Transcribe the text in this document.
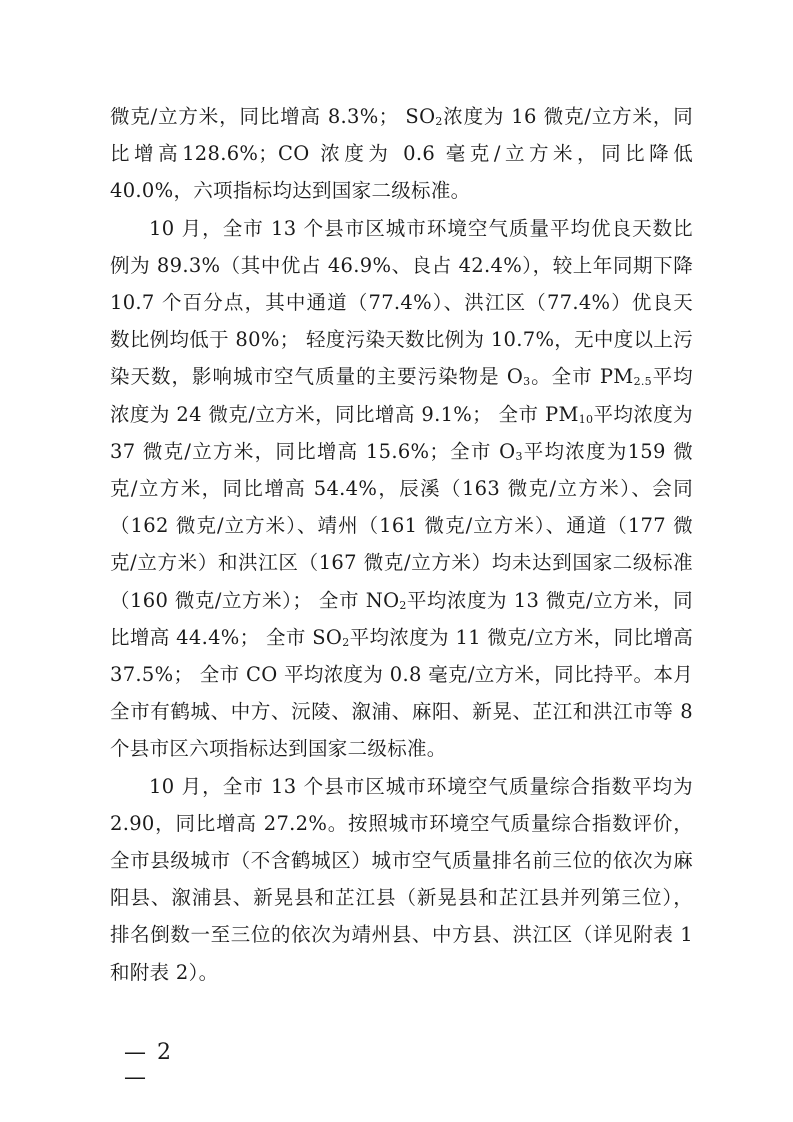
微克/立方米，同比增高 8.3%； $SO_2$浓度为 16 微克/立方米，同比增高128.6%；CO 浓度为 0.6 毫克/立方米，同比降低 40.0%，六项指标均达到国家二级标准。

10 月，全市 13 个县市区城市环境空气质量平均优良天数比例为 89.3%（其中优占 46.9%、良占 42.4%），较上年同期下降 10.7 个百分点，其中通道（77.4%）、洪江区（77.4%）优良天数比例均低于 80%； 轻度污染天数比例为 10.7%，无中度以上污染天数，影响城市空气质量的主要污染物是 $O_3$。全市 $PM_{2.5}$平均浓度为 24 微克/立方米，同比增高 9.1%； 全市 $PM_{10}$平均浓度为 37 微克/立方米，同比增高 15.6%；全市 $O_3$平均浓度为159 微克/立方米，同比增高 54.4%，辰溪（163 微克/立方米）、会同（162 微克/立方米）、靖州（161 微克/立方米）、通道（177 微克/立方米）和洪江区（167 微克/立方米）均未达到国家二级标准（160 微克/立方米）； 全市 $NO_2$平均浓度为 13 微克/立方米，同比增高 44.4%； 全市 $SO_2$平均浓度为 11 微克/立方米，同比增高 37.5%； 全市 CO 平均浓度为 0.8 毫克/立方米，同比持平。本月全市有鹤城、中方、沅陵、溆浦、麻阳、新晃、芷江和洪江市等 8 个县市区六项指标达到国家二级标准。

10 月，全市 13 个县市区城市环境空气质量综合指数平均为 2.90，同比增高 27.2%。按照城市环境空气质量综合指数评价，全市县级城市（不含鹤城区）城市空气质量排名前三位的依次为麻阳县、溆浦县、新晃县和芷江县（新晃县和芷江县并列第三位），排名倒数一至三位的依次为靖州县、中方县、洪江区（详见附表 1 和附表 2）。

— 2 —
